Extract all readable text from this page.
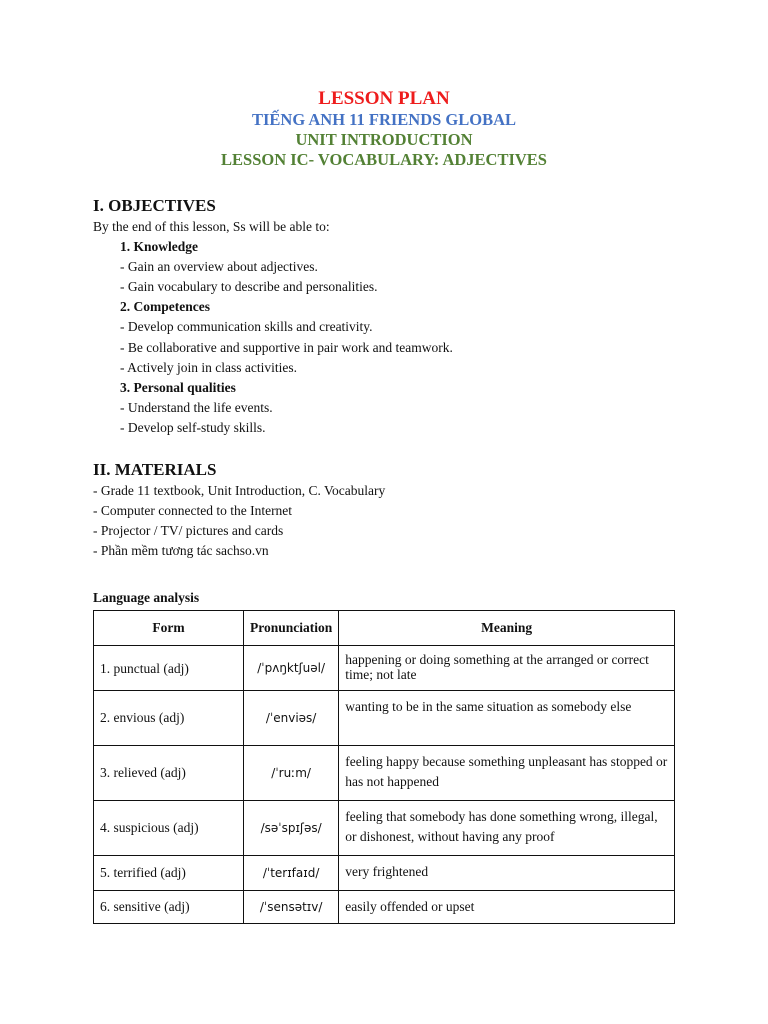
LESSON PLAN
TIẾNG ANH 11 FRIENDS GLOBAL
UNIT INTRODUCTION
LESSON IC- VOCABULARY: ADJECTIVES
I. OBJECTIVES
By the end of this lesson, Ss will be able to:
1. Knowledge
- Gain an overview about adjectives.
- Gain vocabulary to describe and personalities.
2. Competences
- Develop communication skills and creativity.
- Be collaborative and supportive in pair work and teamwork.
- Actively join in class activities.
3. Personal qualities
- Understand the life events.
- Develop self-study skills.
II. MATERIALS
- Grade 11 textbook, Unit Introduction, C. Vocabulary
- Computer connected to the Internet
- Projector / TV/ pictures and cards
- Phần mềm tương tác sachso.vn
Language analysis
Form	Pronunciation	Meaning
1. punctual (adj)	/ˈpʌŋktʃuəl/	happening or doing something at the arranged or correct time; not late
2. envious (adj)	/ˈenviəs/	wanting to be in the same situation as somebody else
3. relieved (adj)	/ˈruːm/	feeling happy because something unpleasant has stopped or has not happened
4. suspicious (adj)	/səˈspɪʃəs/	feeling that somebody has done something wrong, illegal, or dishonest, without having any proof
5. terrified (adj)	/ˈterɪfaɪd/	very frightened
6. sensitive (adj)	/ˈsensətɪv/	easily offended or upset
